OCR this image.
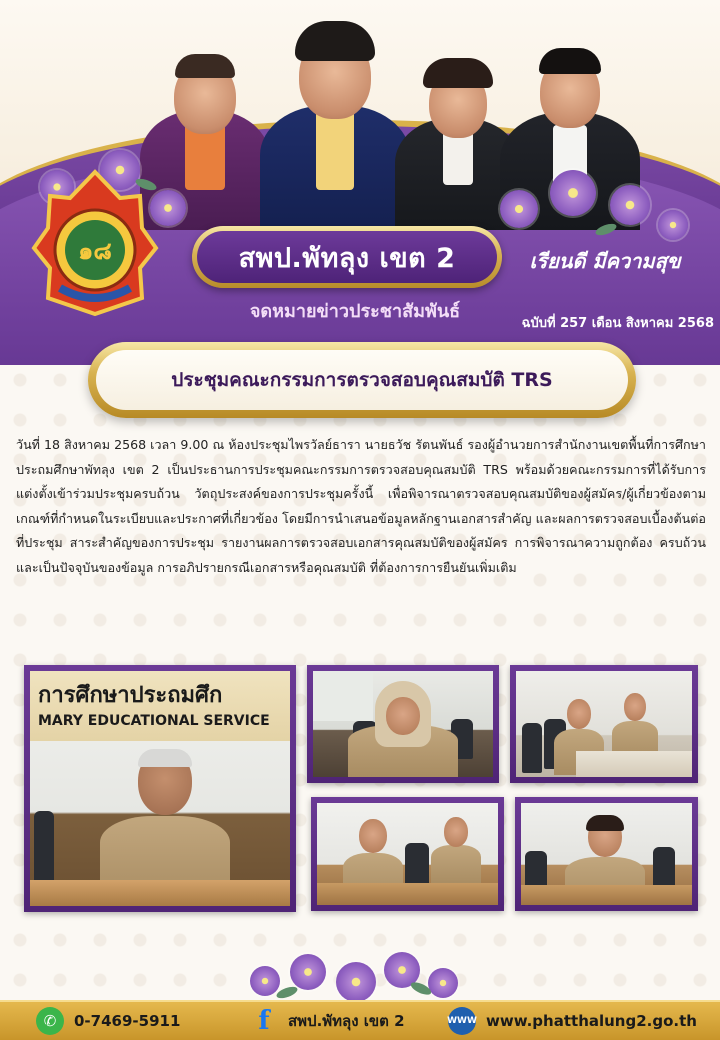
๑๘	สพป.พัทลุง เขต 2	เรียนดี มีความสุข
จดหมายข่าวประชาสัมพันธ์
ฉบับที่ 257 เดือน สิงหาคม 2568
ประชุมคณะกรรมการตรวจสอบคุณสมบัติ TRS

วันที่ 18 สิงหาคม 2568 เวลา 9.00 ณ ห้องประชุมไพรวัลย์ธารา นายธวัช รัตนพันธ์ รองผู้อำนวยการสำนักงานเขตพื้นที่การศึกษาประถมศึกษาพัทลุง เขต 2 เป็นประธานการประชุมคณะกรรมการตรวจสอบคุณสมบัติ TRS พร้อมด้วยคณะกรรมการที่ได้รับการแต่งตั้งเข้าร่วมประชุมครบถ้วน วัตถุประสงค์ของการประชุมครั้งนี้ เพื่อพิจารณาตรวจสอบคุณสมบัติของผู้สมัคร/ผู้เกี่ยวข้องตามเกณฑ์ที่กำหนดในระเบียบและประกาศที่เกี่ยวข้อง โดยมีการนำเสนอข้อมูลหลักฐานเอกสารสำคัญ และผลการตรวจสอบเบื้องต้นต่อที่ประชุม สาระสำคัญของการประชุม รายงานผลการตรวจสอบเอกสารคุณสมบัติของผู้สมัคร การพิจารณาความถูกต้อง ครบถ้วน และเป็นปัจจุบันของข้อมูล การอภิปรายกรณีเอกสารหรือคุณสมบัติ ที่ต้องการการยืนยันเพิ่มเติม

การศึกษาประถมศึก
MARY EDUCATIONAL SERVICE
✆	0-7469-5911	f	สพป.พัทลุง เขต 2	WWW www.phatthalung2.go.th
